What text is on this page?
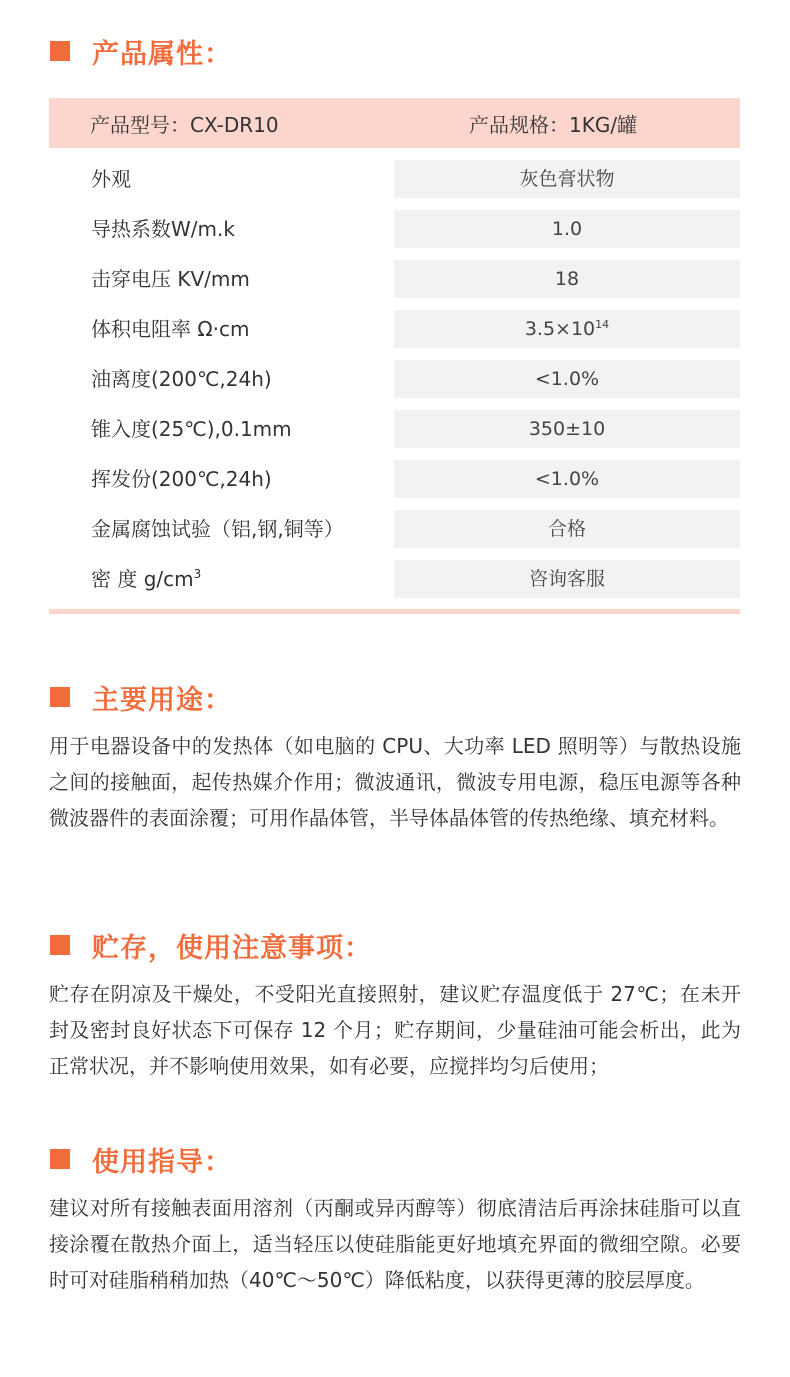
产品属性：
产品型号：CX-DR10	产品规格：1KG/罐
外观	灰色膏状物
导热系数W/m.k	1.0
击穿电压 KV/mm	18
体积电阻率 Ω·cm	$3.5\times 10^{14}$
油离度(200℃,24h)	<1.0%
锥入度(25℃),0.1mm	350±10
挥发份(200℃,24h)	<1.0%
金属腐蚀试验（铝,钢,铜等）	合格
密 度 $g/cm^3$	咨询客服
主要用途：

用于电器设备中的发热体（如电脑的 CPU、大功率 LED 照明等）与散热设施之间的接触面，起传热媒介作用；微波通讯，微波专用电源，稳压电源等各种微波器件的表面涂覆；可用作晶体管，半导体晶体管的传热绝缘、填充材料。

贮存，使用注意事项：

贮存在阴凉及干燥处，不受阳光直接照射，建议贮存温度低于 27℃；在未开封及密封良好状态下可保存 12 个月；贮存期间，少量硅油可能会析出，此为正常状况，并不影响使用效果，如有必要，应搅拌均匀后使用；

使用指导：

建议对所有接触表面用溶剂（丙酮或异丙醇等）彻底清洁后再涂抹硅脂可以直接涂覆在散热介面上，适当轻压以使硅脂能更好地填充界面的微细空隙。必要时可对硅脂稍稍加热（40℃～50℃）降低粘度，以获得更薄的胶层厚度。
